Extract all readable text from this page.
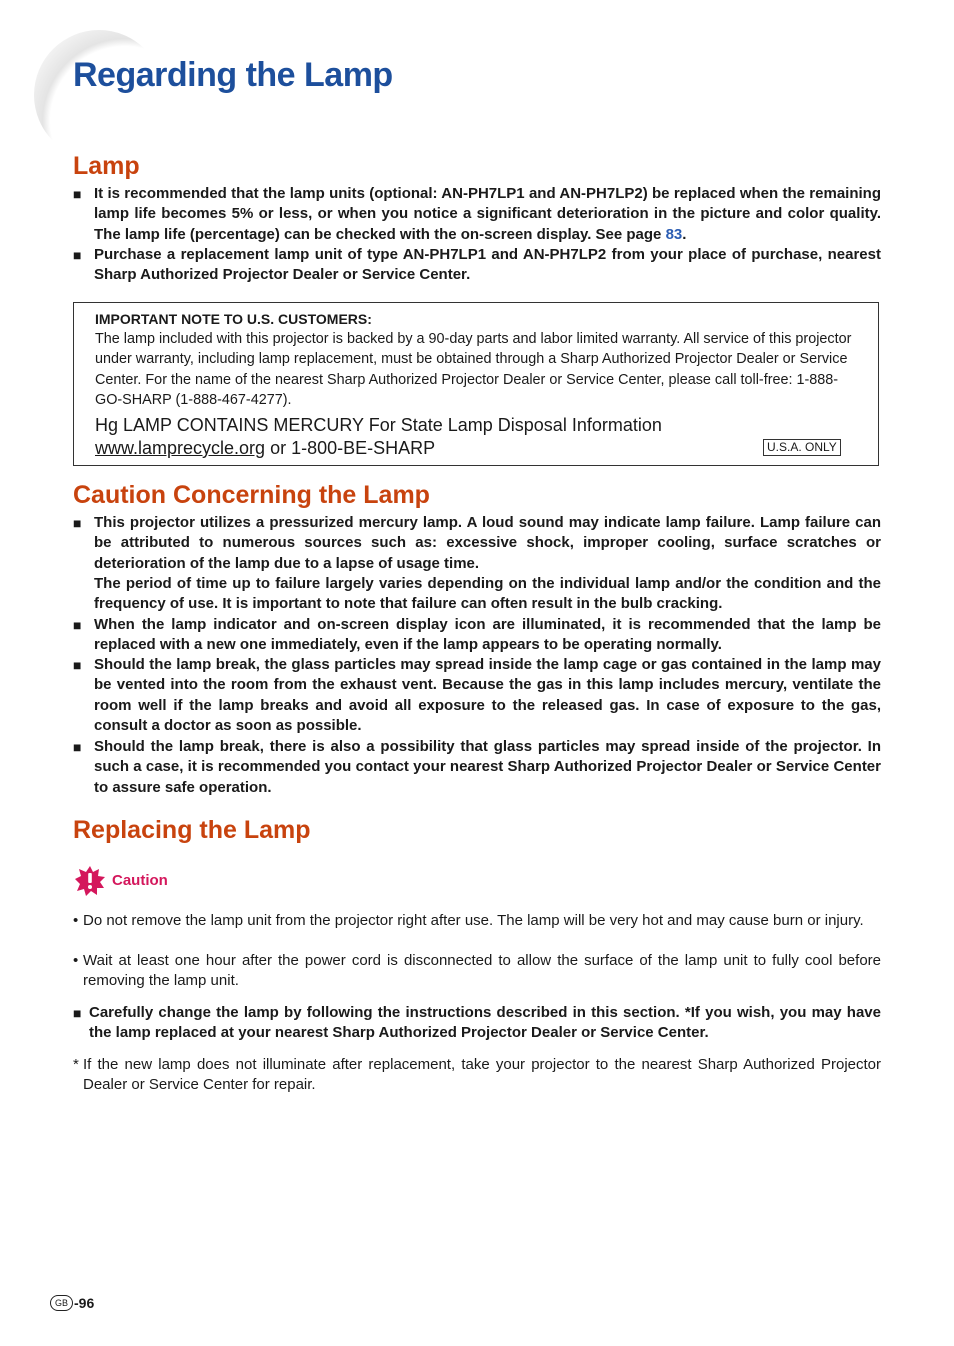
Regarding the Lamp
Lamp
■ It is recommended that the lamp units (optional: AN-PH7LP1 and AN-PH7LP2) be replaced when the remaining lamp life becomes 5% or less, or when you notice a significant deterioration in the picture and color quality. The lamp life (percentage) can be checked with the on-screen display. See page 83.
■ Purchase a replacement lamp unit of type AN-PH7LP1 and AN-PH7LP2 from your place of purchase, nearest Sharp Authorized Projector Dealer or Service Center.
IMPORTANT NOTE TO U.S. CUSTOMERS:
The lamp included with this projector is backed by a 90-day parts and labor limited warranty. All service of this projector under warranty, including lamp replacement, must be obtained through a Sharp Authorized Projector Dealer or Service Center. For the name of the nearest Sharp Authorized Projector Dealer or Service Center, please call toll-free: 1-888-GO-SHARP (1-888-467-4277).
Hg LAMP CONTAINS MERCURY For State Lamp Disposal Information
www.lamprecycle.org or 1-800-BE-SHARP	U.S.A. ONLY
Caution Concerning the Lamp
■ This projector utilizes a pressurized mercury lamp. A loud sound may indicate lamp failure. Lamp failure can be attributed to numerous sources such as: excessive shock, improper cooling, surface scratches or deterioration of the lamp due to a lapse of usage time.
The period of time up to failure largely varies depending on the individual lamp and/or the condition and the frequency of use. It is important to note that failure can often result in the bulb cracking.
■ When the lamp indicator and on-screen display icon are illuminated, it is recommended that the lamp be replaced with a new one immediately, even if the lamp appears to be operating normally.
■ Should the lamp break, the glass particles may spread inside the lamp cage or gas contained in the lamp may be vented into the room from the exhaust vent. Because the gas in this lamp includes mercury, ventilate the room well if the lamp breaks and avoid all exposure to the released gas. In case of exposure to the gas, consult a doctor as soon as possible.
■ Should the lamp break, there is also a possibility that glass particles may spread inside of the projector. In such a case, it is recommended you contact your nearest Sharp Authorized Projector Dealer or Service Center to assure safe operation.
Replacing the Lamp
Caution
• Do not remove the lamp unit from the projector right after use. The lamp will be very hot and may cause burn or injury.
• Wait at least one hour after the power cord is disconnected to allow the surface of the lamp unit to fully cool before removing the lamp unit.
■ Carefully change the lamp by following the instructions described in this section. *If you wish, you may have the lamp replaced at your nearest Sharp Authorized Projector Dealer or Service Center.
* If the new lamp does not illuminate after replacement, take your projector to the nearest Sharp Authorized Projector Dealer or Service Center for repair.
GB -96
